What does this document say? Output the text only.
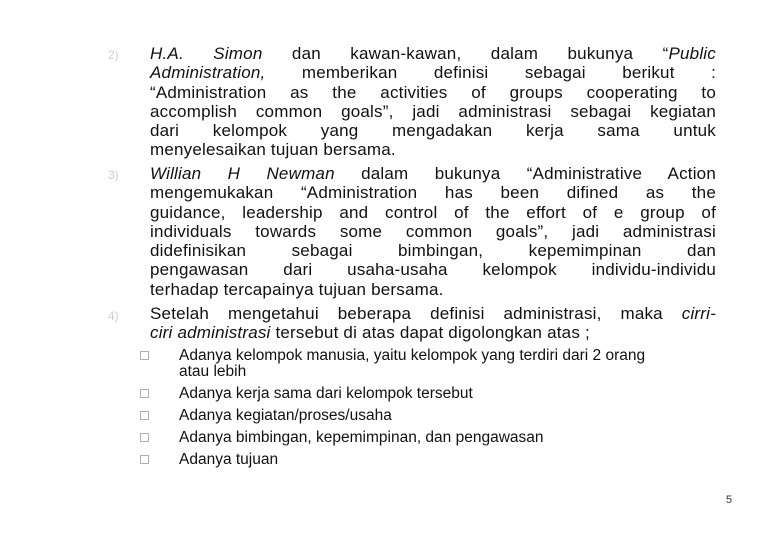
2) H.A. Simon dan kawan-kawan, dalam bukunya “Public
Administration, memberikan definisi sebagai berikut :
“Administration as the activities of groups cooperating to
accomplish common goals”, jadi administrasi sebagai kegiatan
dari kelompok yang mengadakan kerja sama untuk
menyelesaikan tujuan bersama.
3) Willian H Newman dalam bukunya “Administrative Action
mengemukakan “Administration has been difined as the
guidance, leadership and control of the effort of e group of
individuals towards some common goals”, jadi administrasi
didefinisikan sebagai bimbingan, kepemimpinan dan
pengawasan dari usaha-usaha kelompok individu-individu
terhadap tercapainya tujuan bersama.
4) Setelah mengetahui beberapa definisi administrasi, maka cirri-
ciri administrasi tersebut di atas dapat digolongkan atas ;
Adanya kelompok manusia, yaitu kelompok yang terdiri dari 2 orang
atau lebih
Adanya kerja sama dari kelompok tersebut
Adanya kegiatan/proses/usaha
Adanya bimbingan, kepemimpinan, dan pengawasan
Adanya tujuan
5
